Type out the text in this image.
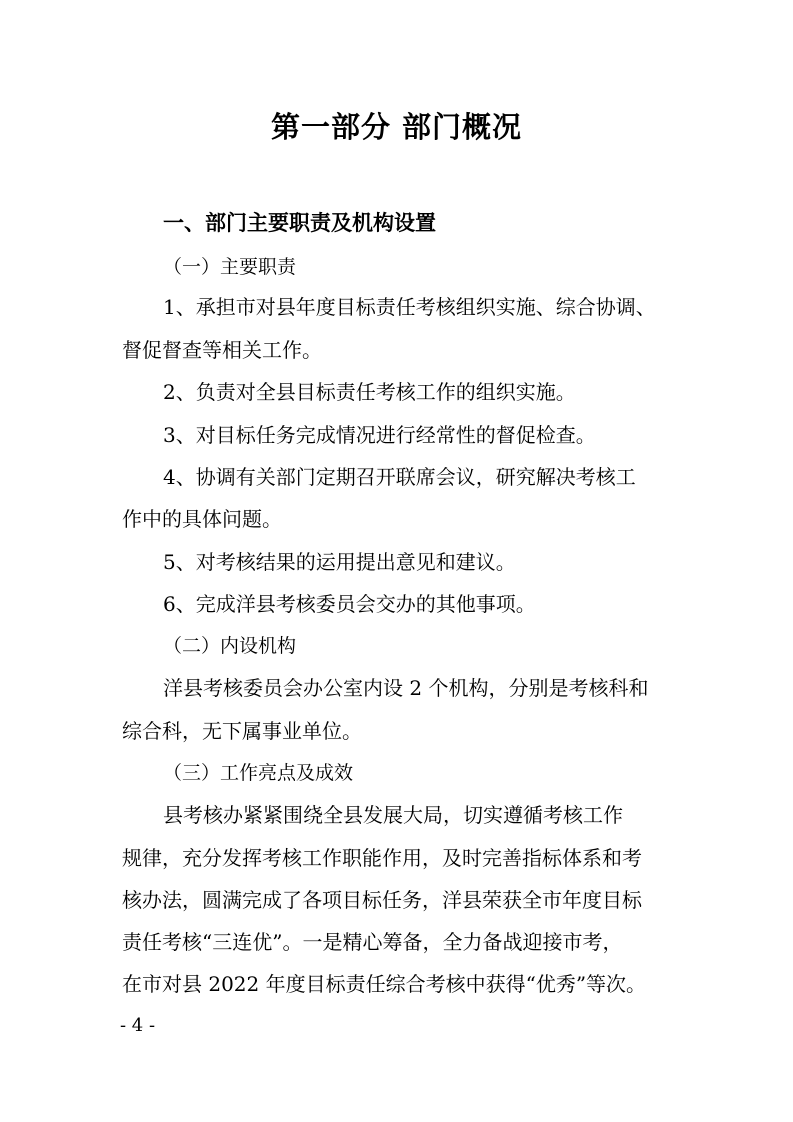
第一部分 部门概况
一、部门主要职责及机构设置
（一）主要职责
1、承担市对县年度目标责任考核组织实施、综合协调、
督促督查等相关工作。
2、负责对全县目标责任考核工作的组织实施。
3、对目标任务完成情况进行经常性的督促检查。
4、协调有关部门定期召开联席会议，研究解决考核工
作中的具体问题。
5、对考核结果的运用提出意见和建议。
6、完成洋县考核委员会交办的其他事项。
（二）内设机构
洋县考核委员会办公室内设 2 个机构，分别是考核科和
综合科，无下属事业单位。
（三）工作亮点及成效
县考核办紧紧围绕全县发展大局，切实遵循考核工作
规律，充分发挥考核工作职能作用，及时完善指标体系和考
核办法，圆满完成了各项目标任务，洋县荣获全市年度目标
责任考核“三连优”。一是精心筹备，全力备战迎接市考，
在市对县 2022 年度目标责任综合考核中获得“优秀”等次。
- 4 -
